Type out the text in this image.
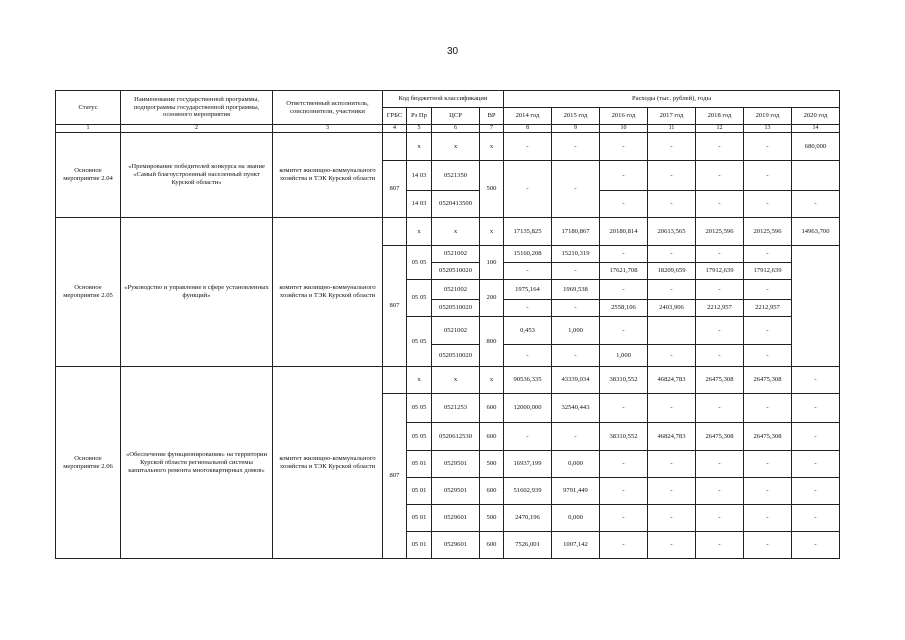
30
Статус	Наименование государственной программы, подпрограммы государственной программы, основного мероприятия	Ответственный исполнитель, соисполнители, участники	Код бюджетной классификации				Расходы (тыс. рублей), годы						
			ГРБС	Рз Пр	ЦСР	ВР	2014 год	2015 год	2016 год	2017 год	2018 год	2019 год	2020 год
1	2	3	4	5	6	7	8	9	10	11	12	13	14
Основное мероприятие 2.04	«Премирование победителей конкурса на звание «Самый благоустроенный населенный пункт Курской области»	комитет жилищно-коммунального хозяйства и ТЭК Курской области		х	х	х	-	-	-	-	-	-	680,000
			807	14 03	0521350	500	-	-	-	-	-	-	
				14 03	0520413500				-	-	-	-	-
Основное мероприятие 2.05	«Руководство и управление в сфере установленных функций»	комитет жилищно-коммунального хозяйства и ТЭК Курской области		х	х	х	17135,825	17180,867	20180,814	20613,565	20125,596	20125,596	14963,700
			807	05 05	0521002	100	15160,208	15210,319	-	-	-	-	
					0520510020		-	-	17621,708	18209,659	17912,639	17912,639	
				05 05	0521002	200	1975,164	1969,538	-	-	-	-	
					0520510020		-	-	2558,106	2403,906	2212,957	2212,957	
				05 05	0521002	800	0,453	1,000	-		-	-	
					0520510020		-	-	1,000	-	-	-	
Основное мероприятие 2.06	«Обеспечение функционирования» на территории Курской области региональной системы капитального ремонта многоквартирных домов»	комитет жилищно-коммунального хозяйства и ТЭК Курской области		х	х	х	90536,335	43339,034	38310,552	46824,783	26475,308	26475,308	-
			807	05 05	0521253	600	12000,000	32540,443	-	-	-	-	-
				05 05	0520612530	600	-	-	38310,552	46824,783	26475,308	26475,308	-
				05 01	0529501	500	16937,199	0,000	-	-	-	-	-
				05 01	0529501	600	51602,939	9791,449	-	-	-	-	-
				05 01	0529601	500	2470,196	0,000	-	-	-	-	-
				05 01	0529601	600	7526,001	1007,142	-	-	-	-	-
